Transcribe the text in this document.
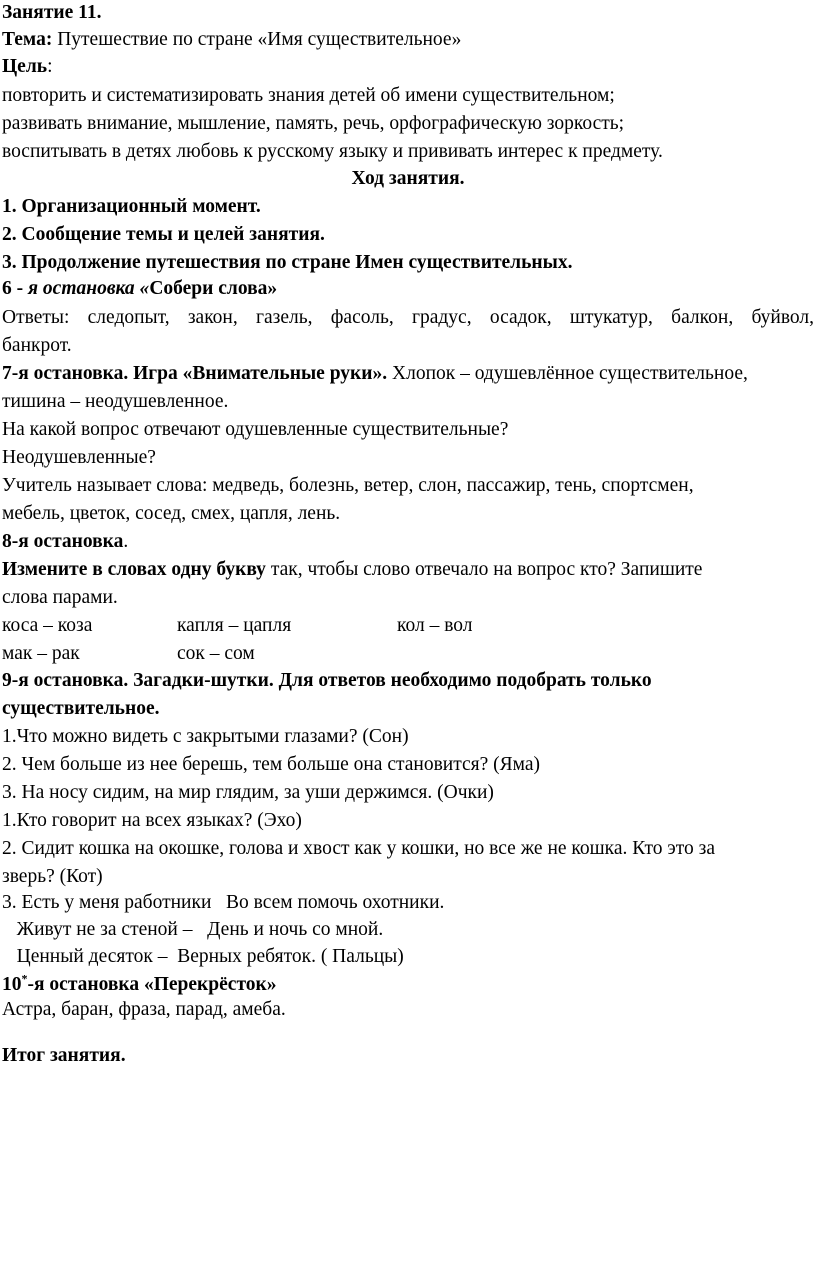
Занятие 11.
Тема: Путешествие по стране «Имя существительное»
Цель:
повторить и систематизировать знания детей об имени существительном;
развивать внимание, мышление, память, речь, орфографическую зоркость;
воспитывать в детях любовь к русскому языку и прививать интерес к предмету.
Ход занятия.
1. Организационный момент.
2. Сообщение темы и целей занятия.
3. Продолжение путешествия по стране Имен существительных.
6 - я остановка «Собери слова»
Ответы: следопыт, закон, газель, фасоль, градус, осадок, штукатур, балкон, буйвол,
банкрот.
7-я остановка. Игра «Внимательные руки». Хлопок – одушевлённое существительное,
тишина – неодушевленное.
На какой вопрос отвечают одушевленные существительные?
Неодушевленные?
Учитель называет слова: медведь, болезнь, ветер, слон, пассажир, тень, спортсмен,
мебель, цветок, сосед, смех, цапля, лень.
8-я остановка.
Измените в словах одну букву так, чтобы слово отвечало на вопрос кто? Запишите
слова парами.
коса – коза	капля – цапля	кол – вол
мак – рак	сок – сом
9-я остановка. Загадки-шутки. Для ответов необходимо подобрать только
существительное.
1.Что можно видеть с закрытыми глазами? (Сон)
2. Чем больше из нее берешь, тем больше она становится? (Яма)
3. На носу сидим, на мир глядим, за уши держимся. (Очки)
1.Кто говорит на всех языках? (Эхо)
2. Сидит кошка на окошке, голова и хвост как у кошки, но все же не кошка. Кто это за
зверь? (Кот)
3. Есть у меня работники   Во всем помочь охотники.
Живут не за стеной –   День и ночь со мной.
Ценный десяток –  Верных ребяток. ( Пальцы)
10*-я остановка «Перекрёсток»
Астра, баран, фраза, парад, амеба.
Итог занятия.
